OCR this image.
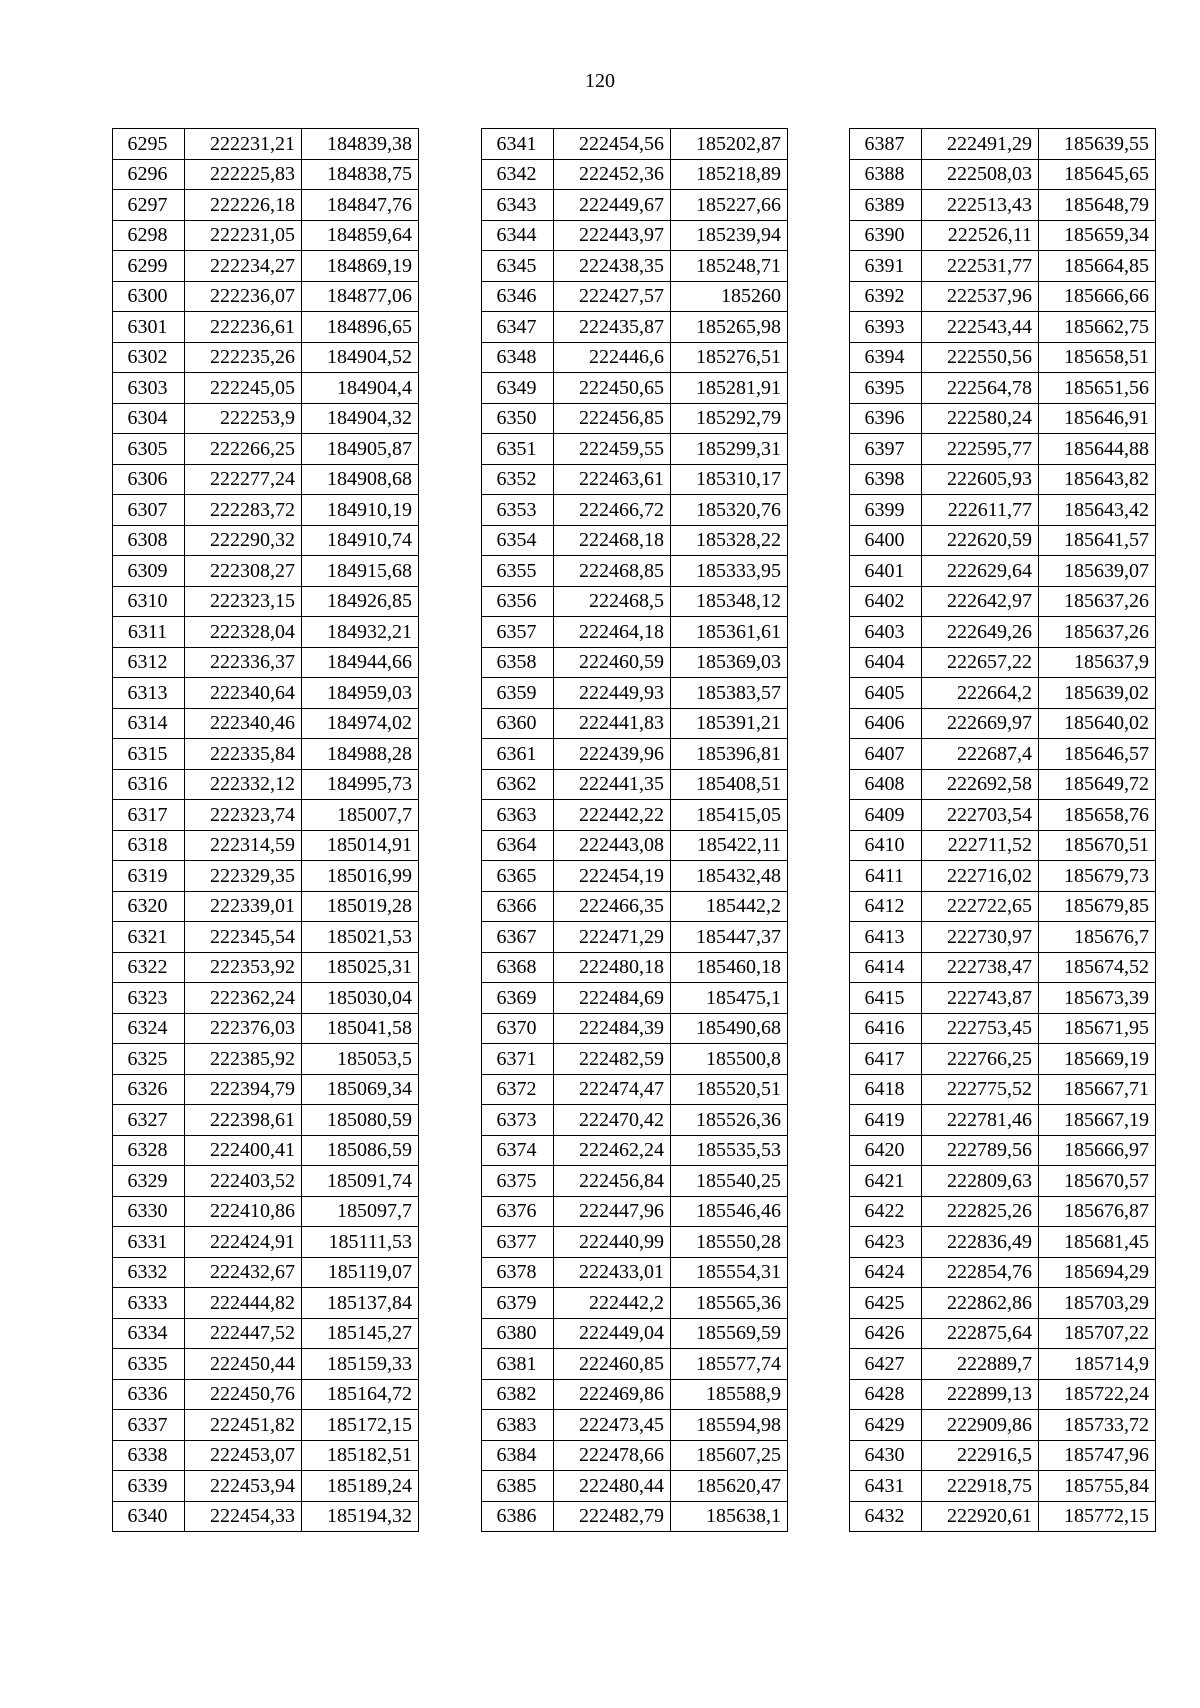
120
6295	222231,21	184839,38
6296	222225,83	184838,75
6297	222226,18	184847,76
6298	222231,05	184859,64
6299	222234,27	184869,19
6300	222236,07	184877,06
6301	222236,61	184896,65
6302	222235,26	184904,52
6303	222245,05	184904,4
6304	222253,9	184904,32
6305	222266,25	184905,87
6306	222277,24	184908,68
6307	222283,72	184910,19
6308	222290,32	184910,74
6309	222308,27	184915,68
6310	222323,15	184926,85
6311	222328,04	184932,21
6312	222336,37	184944,66
6313	222340,64	184959,03
6314	222340,46	184974,02
6315	222335,84	184988,28
6316	222332,12	184995,73
6317	222323,74	185007,7
6318	222314,59	185014,91
6319	222329,35	185016,99
6320	222339,01	185019,28
6321	222345,54	185021,53
6322	222353,92	185025,31
6323	222362,24	185030,04
6324	222376,03	185041,58
6325	222385,92	185053,5
6326	222394,79	185069,34
6327	222398,61	185080,59
6328	222400,41	185086,59
6329	222403,52	185091,74
6330	222410,86	185097,7
6331	222424,91	185111,53
6332	222432,67	185119,07
6333	222444,82	185137,84
6334	222447,52	185145,27
6335	222450,44	185159,33
6336	222450,76	185164,72
6337	222451,82	185172,15
6338	222453,07	185182,51
6339	222453,94	185189,24
6340	222454,33	185194,32
6341	222454,56	185202,87
6342	222452,36	185218,89
6343	222449,67	185227,66
6344	222443,97	185239,94
6345	222438,35	185248,71
6346	222427,57	185260
6347	222435,87	185265,98
6348	222446,6	185276,51
6349	222450,65	185281,91
6350	222456,85	185292,79
6351	222459,55	185299,31
6352	222463,61	185310,17
6353	222466,72	185320,76
6354	222468,18	185328,22
6355	222468,85	185333,95
6356	222468,5	185348,12
6357	222464,18	185361,61
6358	222460,59	185369,03
6359	222449,93	185383,57
6360	222441,83	185391,21
6361	222439,96	185396,81
6362	222441,35	185408,51
6363	222442,22	185415,05
6364	222443,08	185422,11
6365	222454,19	185432,48
6366	222466,35	185442,2
6367	222471,29	185447,37
6368	222480,18	185460,18
6369	222484,69	185475,1
6370	222484,39	185490,68
6371	222482,59	185500,8
6372	222474,47	185520,51
6373	222470,42	185526,36
6374	222462,24	185535,53
6375	222456,84	185540,25
6376	222447,96	185546,46
6377	222440,99	185550,28
6378	222433,01	185554,31
6379	222442,2	185565,36
6380	222449,04	185569,59
6381	222460,85	185577,74
6382	222469,86	185588,9
6383	222473,45	185594,98
6384	222478,66	185607,25
6385	222480,44	185620,47
6386	222482,79	185638,1
6387	222491,29	185639,55
6388	222508,03	185645,65
6389	222513,43	185648,79
6390	222526,11	185659,34
6391	222531,77	185664,85
6392	222537,96	185666,66
6393	222543,44	185662,75
6394	222550,56	185658,51
6395	222564,78	185651,56
6396	222580,24	185646,91
6397	222595,77	185644,88
6398	222605,93	185643,82
6399	222611,77	185643,42
6400	222620,59	185641,57
6401	222629,64	185639,07
6402	222642,97	185637,26
6403	222649,26	185637,26
6404	222657,22	185637,9
6405	222664,2	185639,02
6406	222669,97	185640,02
6407	222687,4	185646,57
6408	222692,58	185649,72
6409	222703,54	185658,76
6410	222711,52	185670,51
6411	222716,02	185679,73
6412	222722,65	185679,85
6413	222730,97	185676,7
6414	222738,47	185674,52
6415	222743,87	185673,39
6416	222753,45	185671,95
6417	222766,25	185669,19
6418	222775,52	185667,71
6419	222781,46	185667,19
6420	222789,56	185666,97
6421	222809,63	185670,57
6422	222825,26	185676,87
6423	222836,49	185681,45
6424	222854,76	185694,29
6425	222862,86	185703,29
6426	222875,64	185707,22
6427	222889,7	185714,9
6428	222899,13	185722,24
6429	222909,86	185733,72
6430	222916,5	185747,96
6431	222918,75	185755,84
6432	222920,61	185772,15
